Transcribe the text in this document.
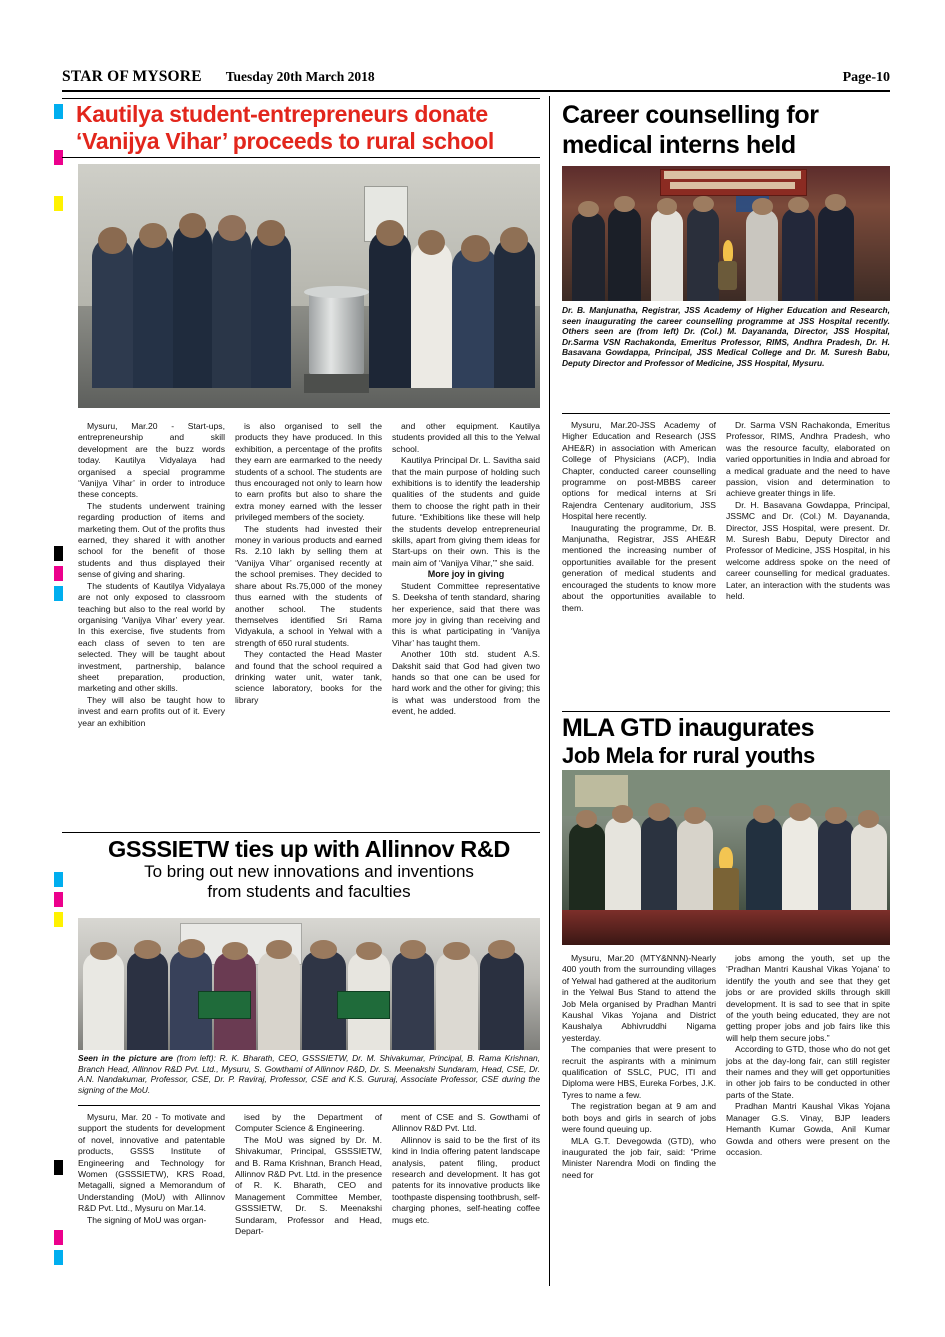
STAR OF MYSORE Tuesday 20th March 2018	Page-10
Kautilya student-entrepreneurs donate
‘Vanijya Vihar’ proceeds to rural school

Mysuru, Mar.20 - Start-ups, entrepreneurship and skill development are the buzz words today. Kautilya Vidyalaya had organised a special programme ‘Vanijya Vihar’ in order to introduce these concepts.

The students underwent training regarding production of items and marketing them. Out of the profits thus earned, they shared it with another school for the benefit of those students and thus displayed their sense of giving and sharing.

The students of Kautilya Vidyalaya are not only exposed to classroom teaching but also to the real world by organising ‘Vanijya Vihar’ every year. In this exercise, five students from each class of seven to ten are selected. They will be taught about investment, partnership, balance sheet preparation, production, marketing and other skills.

They will also be taught how to invest and earn profits out of it. Every year an exhibition

is also organised to sell the products they have produced. In this exhibition, a percentage of the profits they earn are earmarked to the needy students of a school. The students are thus encouraged not only to learn how to earn profits but also to share the extra money earned with the lesser privileged members of the society.

The students had invested their money in various products and earned Rs. 2.10 lakh by selling them at ‘Vanijya Vihar’ organised recently at the school premises. They decided to share about Rs.75,000 of the money thus earned with the students of another school. The students themselves identified Sri Rama Vidyakula, a school in Yelwal with a strength of 650 rural students.

They contacted the Head Master and found that the school required a drinking water unit, water tank, science laboratory, books for the library

and other equipment. Kautilya students provided all this to the Yelwal school.

Kautilya Principal Dr. L. Savitha said that the main purpose of holding such exhibitions is to identify the leadership qualities of the students and guide them to choose the right path in their future. “Exhibitions like these will help the students develop entrepreneurial skills, apart from giving them ideas for Start-ups on their own. This is the main aim of ‘Vanijya Vihar,’” she said.

More joy in giving

Student Committee representative S. Deeksha of tenth standard, sharing her experience, said that there was more joy in giving than receiving and this is what participating in ‘Vanijya Vihar’ has taught them.

Another 10th std. student A.S. Dakshit said that God had given two hands so that one can be used for hard work and the other for giving; this is what was understood from the event, he added.

GSSSIETW ties up with Allinnov R&D
To bring out new innovations and inventions
from students and faculties
Seen in the picture are (from left): R. K. Bharath, CEO, GSSSIETW, Dr. M. Shivakumar, Principal, B. Rama Krishnan, Branch Head, Allinnov R&D Pvt. Ltd., Mysuru, S. Gowthami of Allinnov R&D, Dr. S. Meenakshi Sundaram, Head, CSE, Dr. A.N. Nandakumar, Professor, CSE, Dr. P. Raviraj, Professor, CSE and K.S. Gururaj, Associate Professor, CSE during the signing of the MoU.

Mysuru, Mar. 20 - To motivate and support the students for development of novel, innovative and patentable products, GSSS Institute of Engineering and Technology for Women (GSSSIETW), KRS Road, Metagalli, signed a Memorandum of Understanding (MoU) with Allinnov R&D Pvt. Ltd., Mysuru on Mar.14.

The signing of MoU was organ-

ised by the Department of Computer Science & Engineering.

The MoU was signed by Dr. M. Shivakumar, Principal, GSSSIETW, and B. Rama Krishnan, Branch Head, Allinnov R&D Pvt. Ltd. in the presence of R. K. Bharath, CEO and Management Committee Member, GSSSIETW, Dr. S. Meenakshi Sundaram, Professor and Head, Depart-

ment of CSE and S. Gowthami of Allinnov R&D Pvt. Ltd.

Allinnov is said to be the first of its kind in India offering patent landscape analysis, patent filing, product research and development. It has got patents for its innovative products like toothpaste dispensing toothbrush, self-charging phones, self-heating coffee mugs etc.

Career counselling for
medical interns held
Dr. B. Manjunatha, Registrar, JSS Academy of Higher Education and Research, seen inaugurating the career counselling programme at JSS Hospital recently. Others seen are (from left) Dr. (Col.) M. Dayananda, Director, JSS Hospital, Dr.Sarma VSN Rachakonda, Emeritus Professor, RIMS, Andhra Pradesh, Dr. H. Basavana Gowdappa, Principal, JSS Medical College and Dr. M. Suresh Babu, Deputy Director and Professor of Medicine, JSS Hospital, Mysuru.

Mysuru, Mar.20-JSS Academy of Higher Education and Research (JSS AHE&R) in association with American College of Physicians (ACP), India Chapter, conducted career counselling programme on post-MBBS career options for medical interns at Sri Rajendra Centenary auditorium, JSS Hospital here recently.

Inaugurating the programme, Dr. B. Manjunatha, Registrar, JSS AHE&R mentioned the increasing number of opportunities available for the present generation of medical students and encouraged the students to know more about the opportunities available to them.

Dr. Sarma VSN Rachakonda, Emeritus Professor, RIMS, Andhra Pradesh, who was the resource faculty, elaborated on varied opportunities in India and abroad for a medical graduate and the need to have passion, vision and determination to achieve greater things in life.

Dr. H. Basavana Gowdappa, Principal, JSSMC and Dr. (Col.) M. Dayananda, Director, JSS Hospital, were present. Dr. M. Suresh Babu, Deputy Director and Professor of Medicine, JSS Hospital, in his welcome address spoke on the need of career counselling for medical graduates. Later, an interaction with the students was held.

MLA GTD inaugurates
Job Mela for rural youths

Mysuru, Mar.20 (MTY&NNN)-Nearly 400 youth from the surrounding villages of Yelwal had gathered at the auditorium in the Yelwal Bus Stand to attend the Job Mela organised by Pradhan Mantri Kaushal Vikas Yojana and District Kaushalya Abhivruddhi Nigama yesterday.

The companies that were present to recruit the aspirants with a minimum qualification of SSLC, PUC, ITI and Diploma were HBS, Eureka Forbes, J.K. Tyres to name a few.

The registration began at 9 am and both boys and girls in search of jobs were found queuing up.

MLA G.T. Devegowda (GTD), who inaugurated the job fair, said: “Prime Minister Narendra Modi on finding the need for

jobs among the youth, set up the ‘Pradhan Mantri Kaushal Vikas Yojana’ to identify the youth and see that they get jobs or are provided skills through skill development. It is sad to see that in spite of the youth being educated, they are not getting proper jobs and job fairs like this will help them secure jobs.”

According to GTD, those who do not get jobs at the day-long fair, can still register their names and they will get opportunities in other job fairs to be conducted in other parts of the State.

Pradhan Mantri Kaushal Vikas Yojana Manager G.S. Vinay, BJP leaders Hemanth Kumar Gowda, Anil Kumar Gowda and others were present on the occasion.
